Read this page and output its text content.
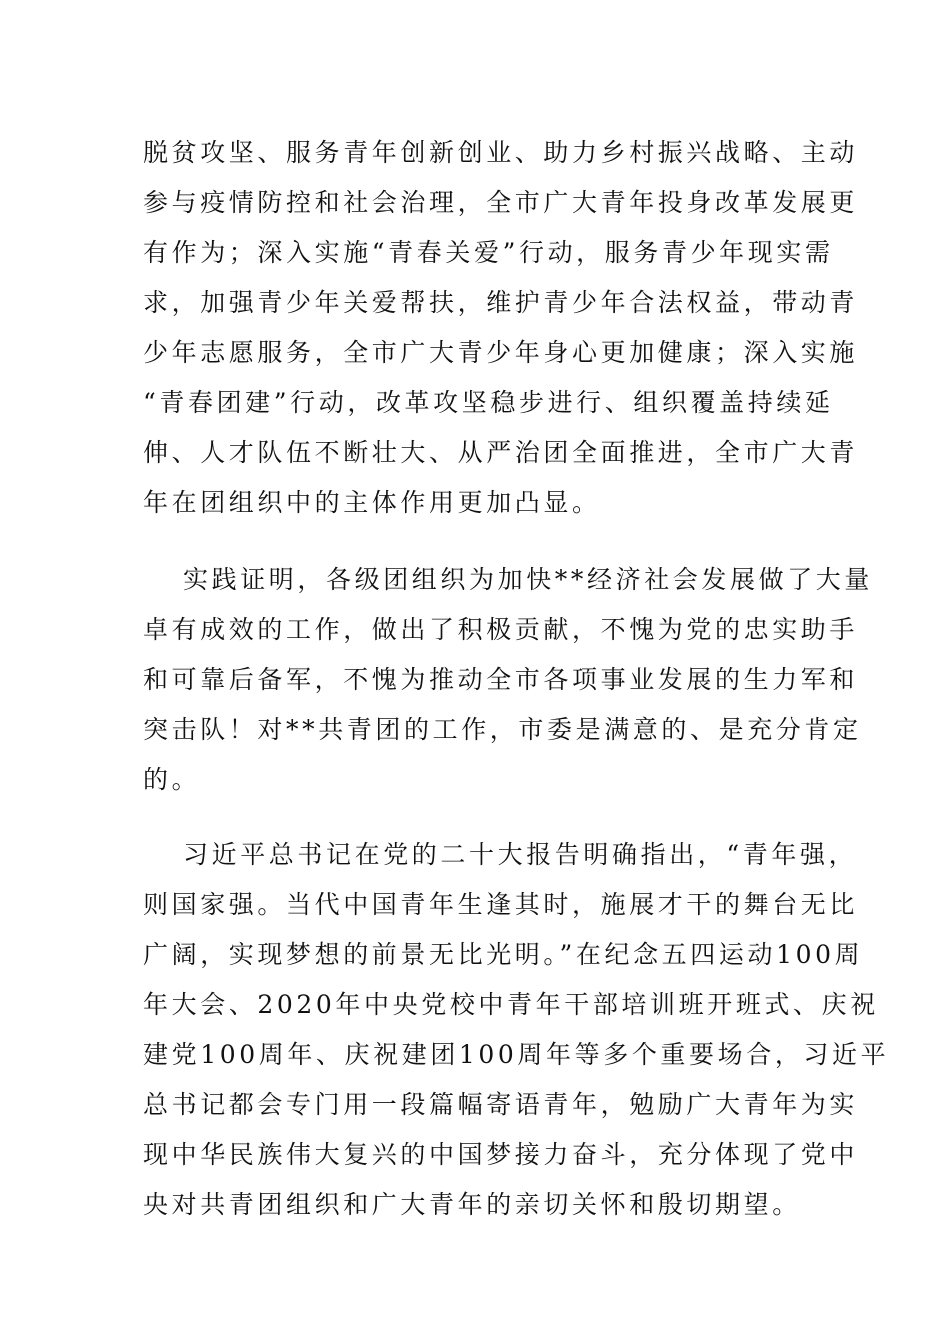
脱贫攻坚、服务青年创新创业、助力乡村振兴战略、主动
参与疫情防控和社会治理，全市广大青年投身改革发展更
有作为；深入实施“青春关爱”行动，服务青少年现实需
求，加强青少年关爱帮扶，维护青少年合法权益，带动青
少年志愿服务，全市广大青少年身心更加健康；深入实施
“青春团建”行动，改革攻坚稳步进行、组织覆盖持续延
伸、人才队伍不断壮大、从严治团全面推进，全市广大青
年在团组织中的主体作用更加凸显。
实践证明，各级团组织为加快**经济社会发展做了大量
卓有成效的工作，做出了积极贡献，不愧为党的忠实助手
和可靠后备军，不愧为推动全市各项事业发展的生力军和
突击队！对**共青团的工作，市委是满意的、是充分肯定
的。
习近平总书记在党的二十大报告明确指出，“青年强，
则国家强。当代中国青年生逢其时，施展才干的舞台无比
广阔，实现梦想的前景无比光明。”在纪念五四运动100周
年大会、2020年中央党校中青年干部培训班开班式、庆祝
建党100周年、庆祝建团100周年等多个重要场合，习近平
总书记都会专门用一段篇幅寄语青年，勉励广大青年为实
现中华民族伟大复兴的中国梦接力奋斗，充分体现了党中
央对共青团组织和广大青年的亲切关怀和殷切期望。
